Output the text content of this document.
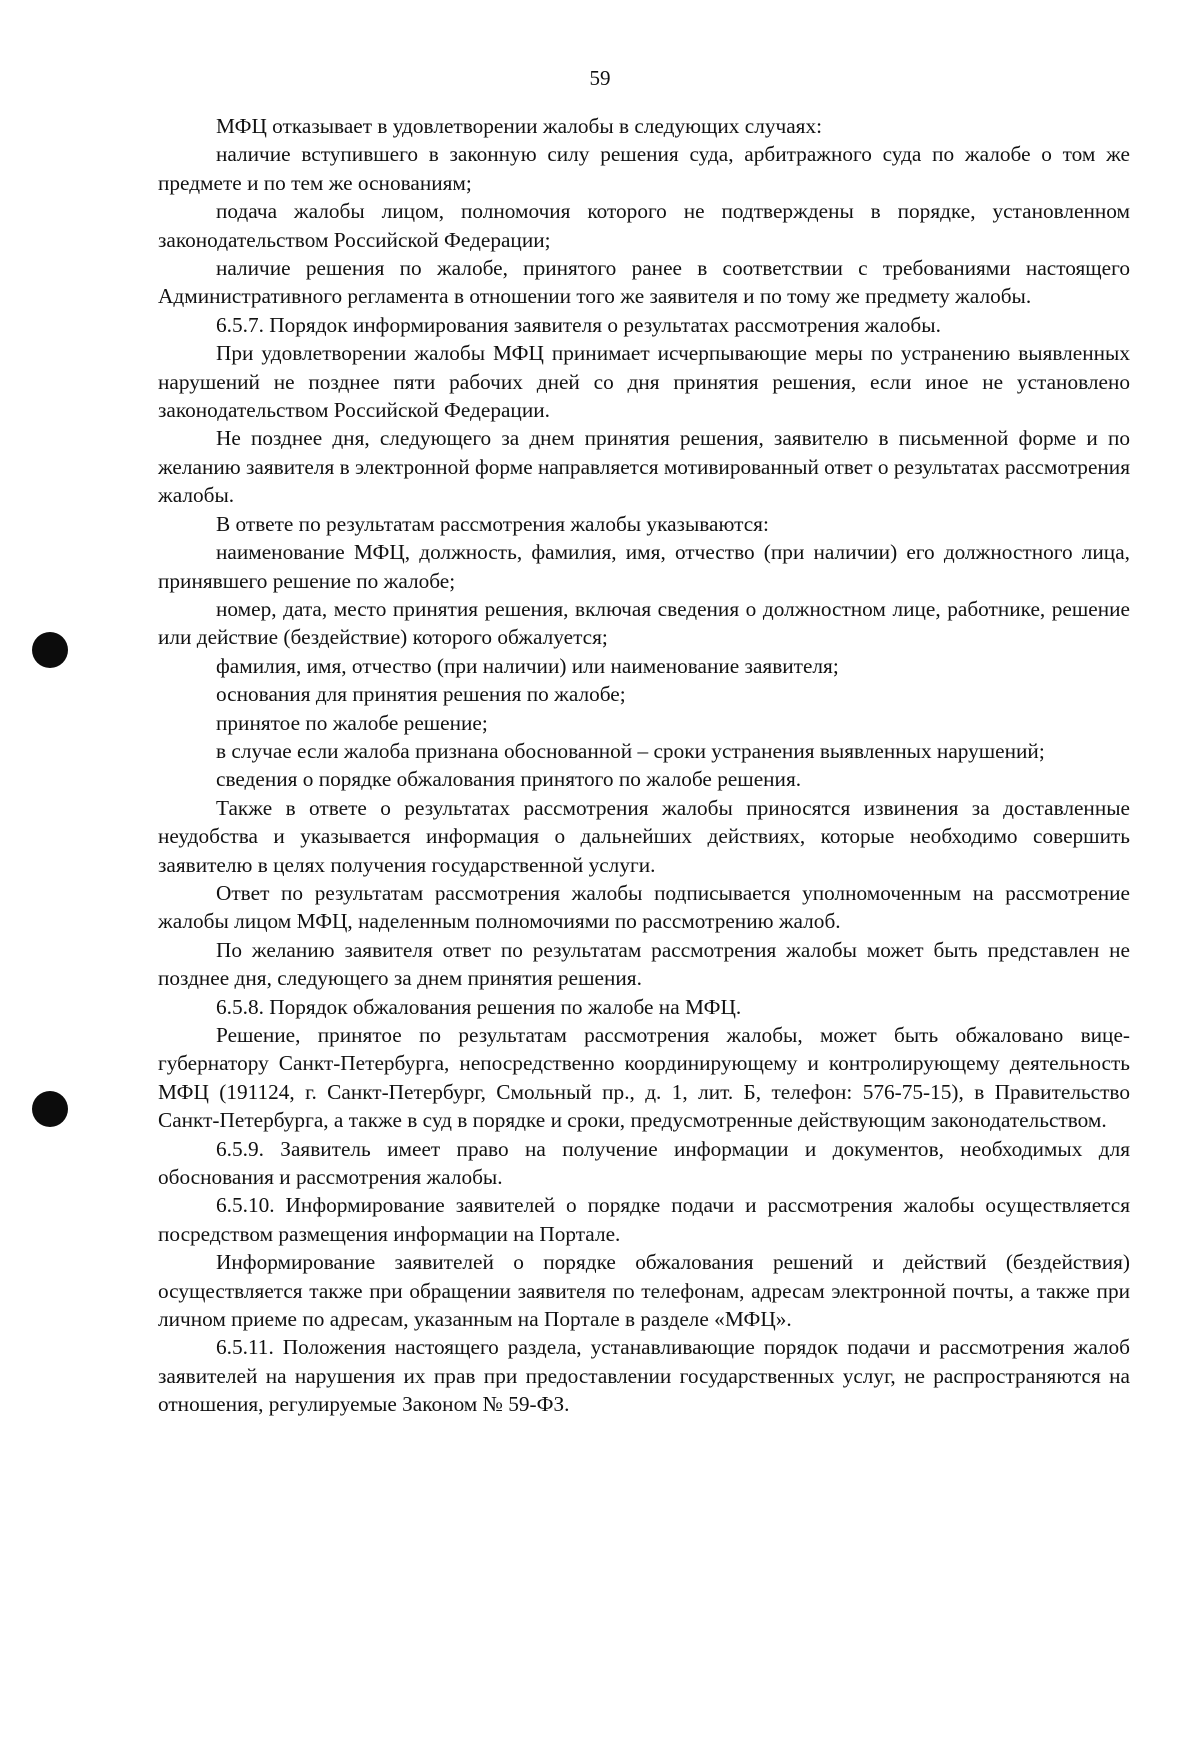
59

МФЦ отказывает в удовлетворении жалобы в следующих случаях:

наличие вступившего в законную силу решения суда, арбитражного суда по жалобе о том же предмете и по тем же основаниям;

подача жалобы лицом, полномочия которого не подтверждены в порядке, установленном законодательством Российской Федерации;

наличие решения по жалобе, принятого ранее в соответствии с требованиями настоящего Административного регламента в отношении того же заявителя и по тому же предмету жалобы.

6.5.7. Порядок информирования заявителя о результатах рассмотрения жалобы.

При удовлетворении жалобы МФЦ принимает исчерпывающие меры по устранению выявленных нарушений не позднее пяти рабочих дней со дня принятия решения, если иное не установлено законодательством Российской Федерации.

Не позднее дня, следующего за днем принятия решения, заявителю в письменной форме и по желанию заявителя в электронной форме направляется мотивированный ответ о результатах рассмотрения жалобы.

В ответе по результатам рассмотрения жалобы указываются:

наименование МФЦ, должность, фамилия, имя, отчество (при наличии) его должностного лица, принявшего решение по жалобе;

номер, дата, место принятия решения, включая сведения о должностном лице, работнике, решение или действие (бездействие) которого обжалуется;

фамилия, имя, отчество (при наличии) или наименование заявителя;

основания для принятия решения по жалобе;

принятое по жалобе решение;

в случае если жалоба признана обоснованной – сроки устранения выявленных нарушений;

сведения о порядке обжалования принятого по жалобе решения.

Также в ответе о результатах рассмотрения жалобы приносятся извинения за доставленные неудобства и указывается информация о дальнейших действиях, которые необходимо совершить заявителю в целях получения государственной услуги.

Ответ по результатам рассмотрения жалобы подписывается уполномоченным на рассмотрение жалобы лицом МФЦ, наделенным полномочиями по рассмотрению жалоб.

По желанию заявителя ответ по результатам рассмотрения жалобы может быть представлен не позднее дня, следующего за днем принятия решения.

6.5.8. Порядок обжалования решения по жалобе на МФЦ.

Решение, принятое по результатам рассмотрения жалобы, может быть обжаловано вице-губернатору Санкт-Петербурга, непосредственно координирующему и контролирующему деятельность МФЦ (191124, г. Санкт-Петербург, Смольный пр., д. 1, лит. Б, телефон: 576-75-15), в Правительство Санкт-Петербурга, а также в суд в порядке и сроки, предусмотренные действующим законодательством.

6.5.9. Заявитель имеет право на получение информации и документов, необходимых для обоснования и рассмотрения жалобы.

6.5.10. Информирование заявителей о порядке подачи и рассмотрения жалобы осуществляется посредством размещения информации на Портале.

Информирование заявителей о порядке обжалования решений и действий (бездействия) осуществляется также при обращении заявителя по телефонам, адресам электронной почты, а также при личном приеме по адресам, указанным на Портале в разделе «МФЦ».

6.5.11. Положения настоящего раздела, устанавливающие порядок подачи и рассмотрения жалоб заявителей на нарушения их прав при предоставлении государственных услуг, не распространяются на отношения, регулируемые Законом № 59-ФЗ.
